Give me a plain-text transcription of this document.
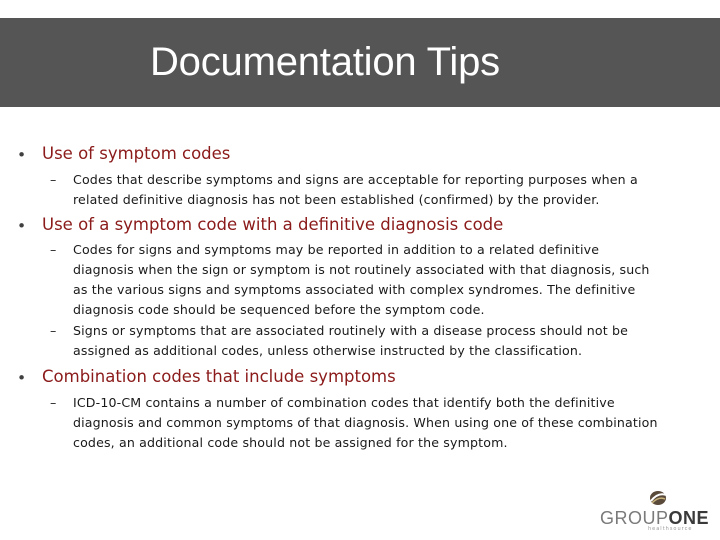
Documentation Tips
• Use of symptom codes
– Codes that describe symptoms and signs are acceptable for reporting purposes when a related definitive diagnosis has not been established (confirmed) by the provider.
• Use of a symptom code with a definitive diagnosis code
– Codes for signs and symptoms may be reported in addition to a related definitive diagnosis when the sign or symptom is not routinely associated with that diagnosis, such as the various signs and symptoms associated with complex syndromes. The definitive diagnosis code should be sequenced before the symptom code.
– Signs or symptoms that are associated routinely with a disease process should not be assigned as additional codes, unless otherwise instructed by the classification.
• Combination codes that include symptoms
– ICD-10-CM contains a number of combination codes that identify both the definitive diagnosis and common symptoms of that diagnosis. When using one of these combination codes, an additional code should not be assigned for the symptom.
GROUPONE
healthsource
